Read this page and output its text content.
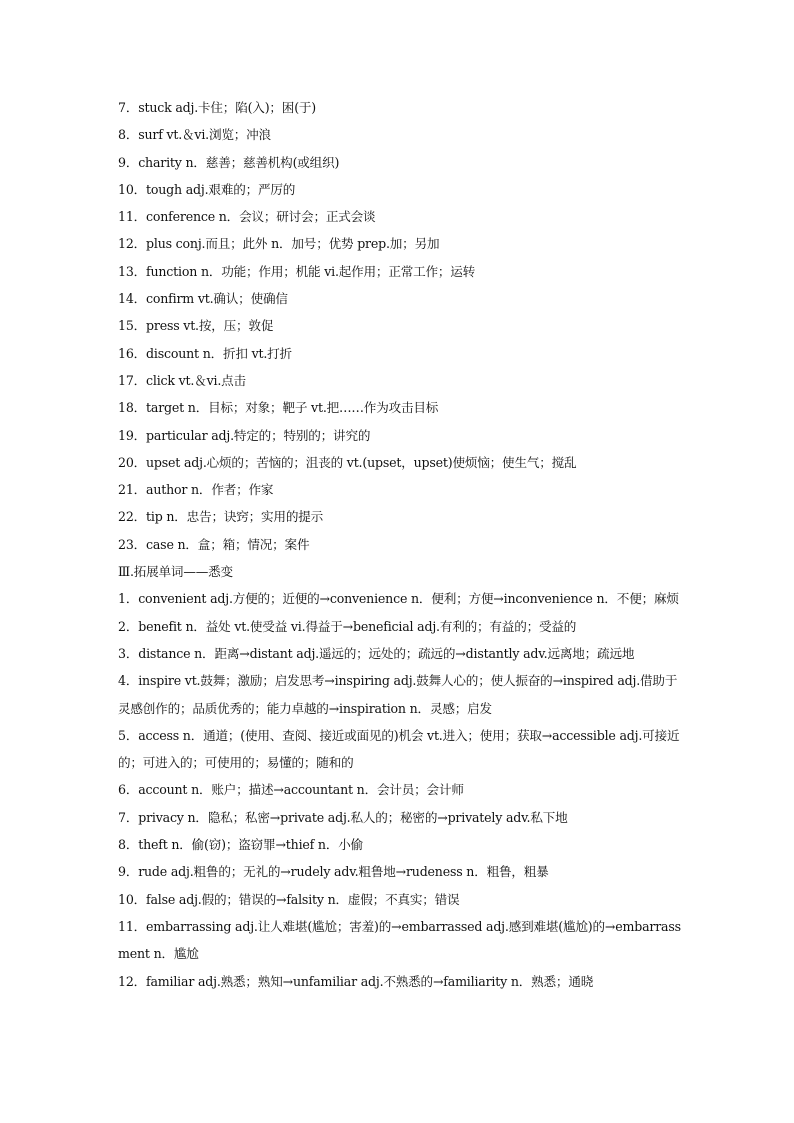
7．stuck adj.卡住；陷(入)；困(于)
8．surf vt.＆vi.浏览；冲浪
9．charity n．慈善；慈善机构(或组织)
10．tough adj.艰难的；严厉的
11．conference n．会议；研讨会；正式会谈
12．plus conj.而且；此外 n．加号；优势 prep.加；另加
13．function n．功能；作用；机能 vi.起作用；正常工作；运转
14．confirm vt.确认；使确信
15．press vt.按，压；敦促
16．discount n．折扣 vt.打折
17．click vt.＆vi.点击
18．target n．目标；对象；靶子 vt.把……作为攻击目标
19．particular adj.特定的；特别的；讲究的
20．upset adj.心烦的；苦恼的；沮丧的 vt.(upset，upset)使烦恼；使生气；搅乱
21．author n．作者；作家
22．tip n．忠告；诀窍；实用的提示
23．case n．盒；箱；情况；案件
Ⅲ.拓展单词——悉变
1．convenient adj.方便的；近便的→convenience n．便利；方便→inconvenience n．不便；麻烦
2．benefit n．益处 vt.使受益 vi.得益于→beneficial adj.有利的；有益的；受益的
3．distance n．距离→distant adj.遥远的；远处的；疏远的→distantly adv.远离地；疏远地
4．inspire vt.鼓舞；激励；启发思考→inspiring adj.鼓舞人心的；使人振奋的→inspired adj.借助于灵感创作的；品质优秀的；能力卓越的→inspiration n．灵感；启发
5．access n．通道；(使用、查阅、接近或面见的)机会 vt.进入；使用；获取→accessible adj.可接近的；可进入的；可使用的；易懂的；随和的
6．account n．账户；描述→accountant n．会计员；会计师
7．privacy n．隐私；私密→private adj.私人的；秘密的→privately adv.私下地
8．theft n．偷(窃)；盗窃罪→thief n．小偷
9．rude adj.粗鲁的；无礼的→rudely adv.粗鲁地→rudeness n．粗鲁，粗暴
10．false adj.假的；错误的→falsity n．虚假；不真实；错误
11．embarrassing adj.让人难堪(尴尬；害羞)的→embarrassed adj.感到难堪(尴尬)的→embarrassment n．尴尬
12．familiar adj.熟悉；熟知→unfamiliar adj.不熟悉的→familiarity n．熟悉；通晓
